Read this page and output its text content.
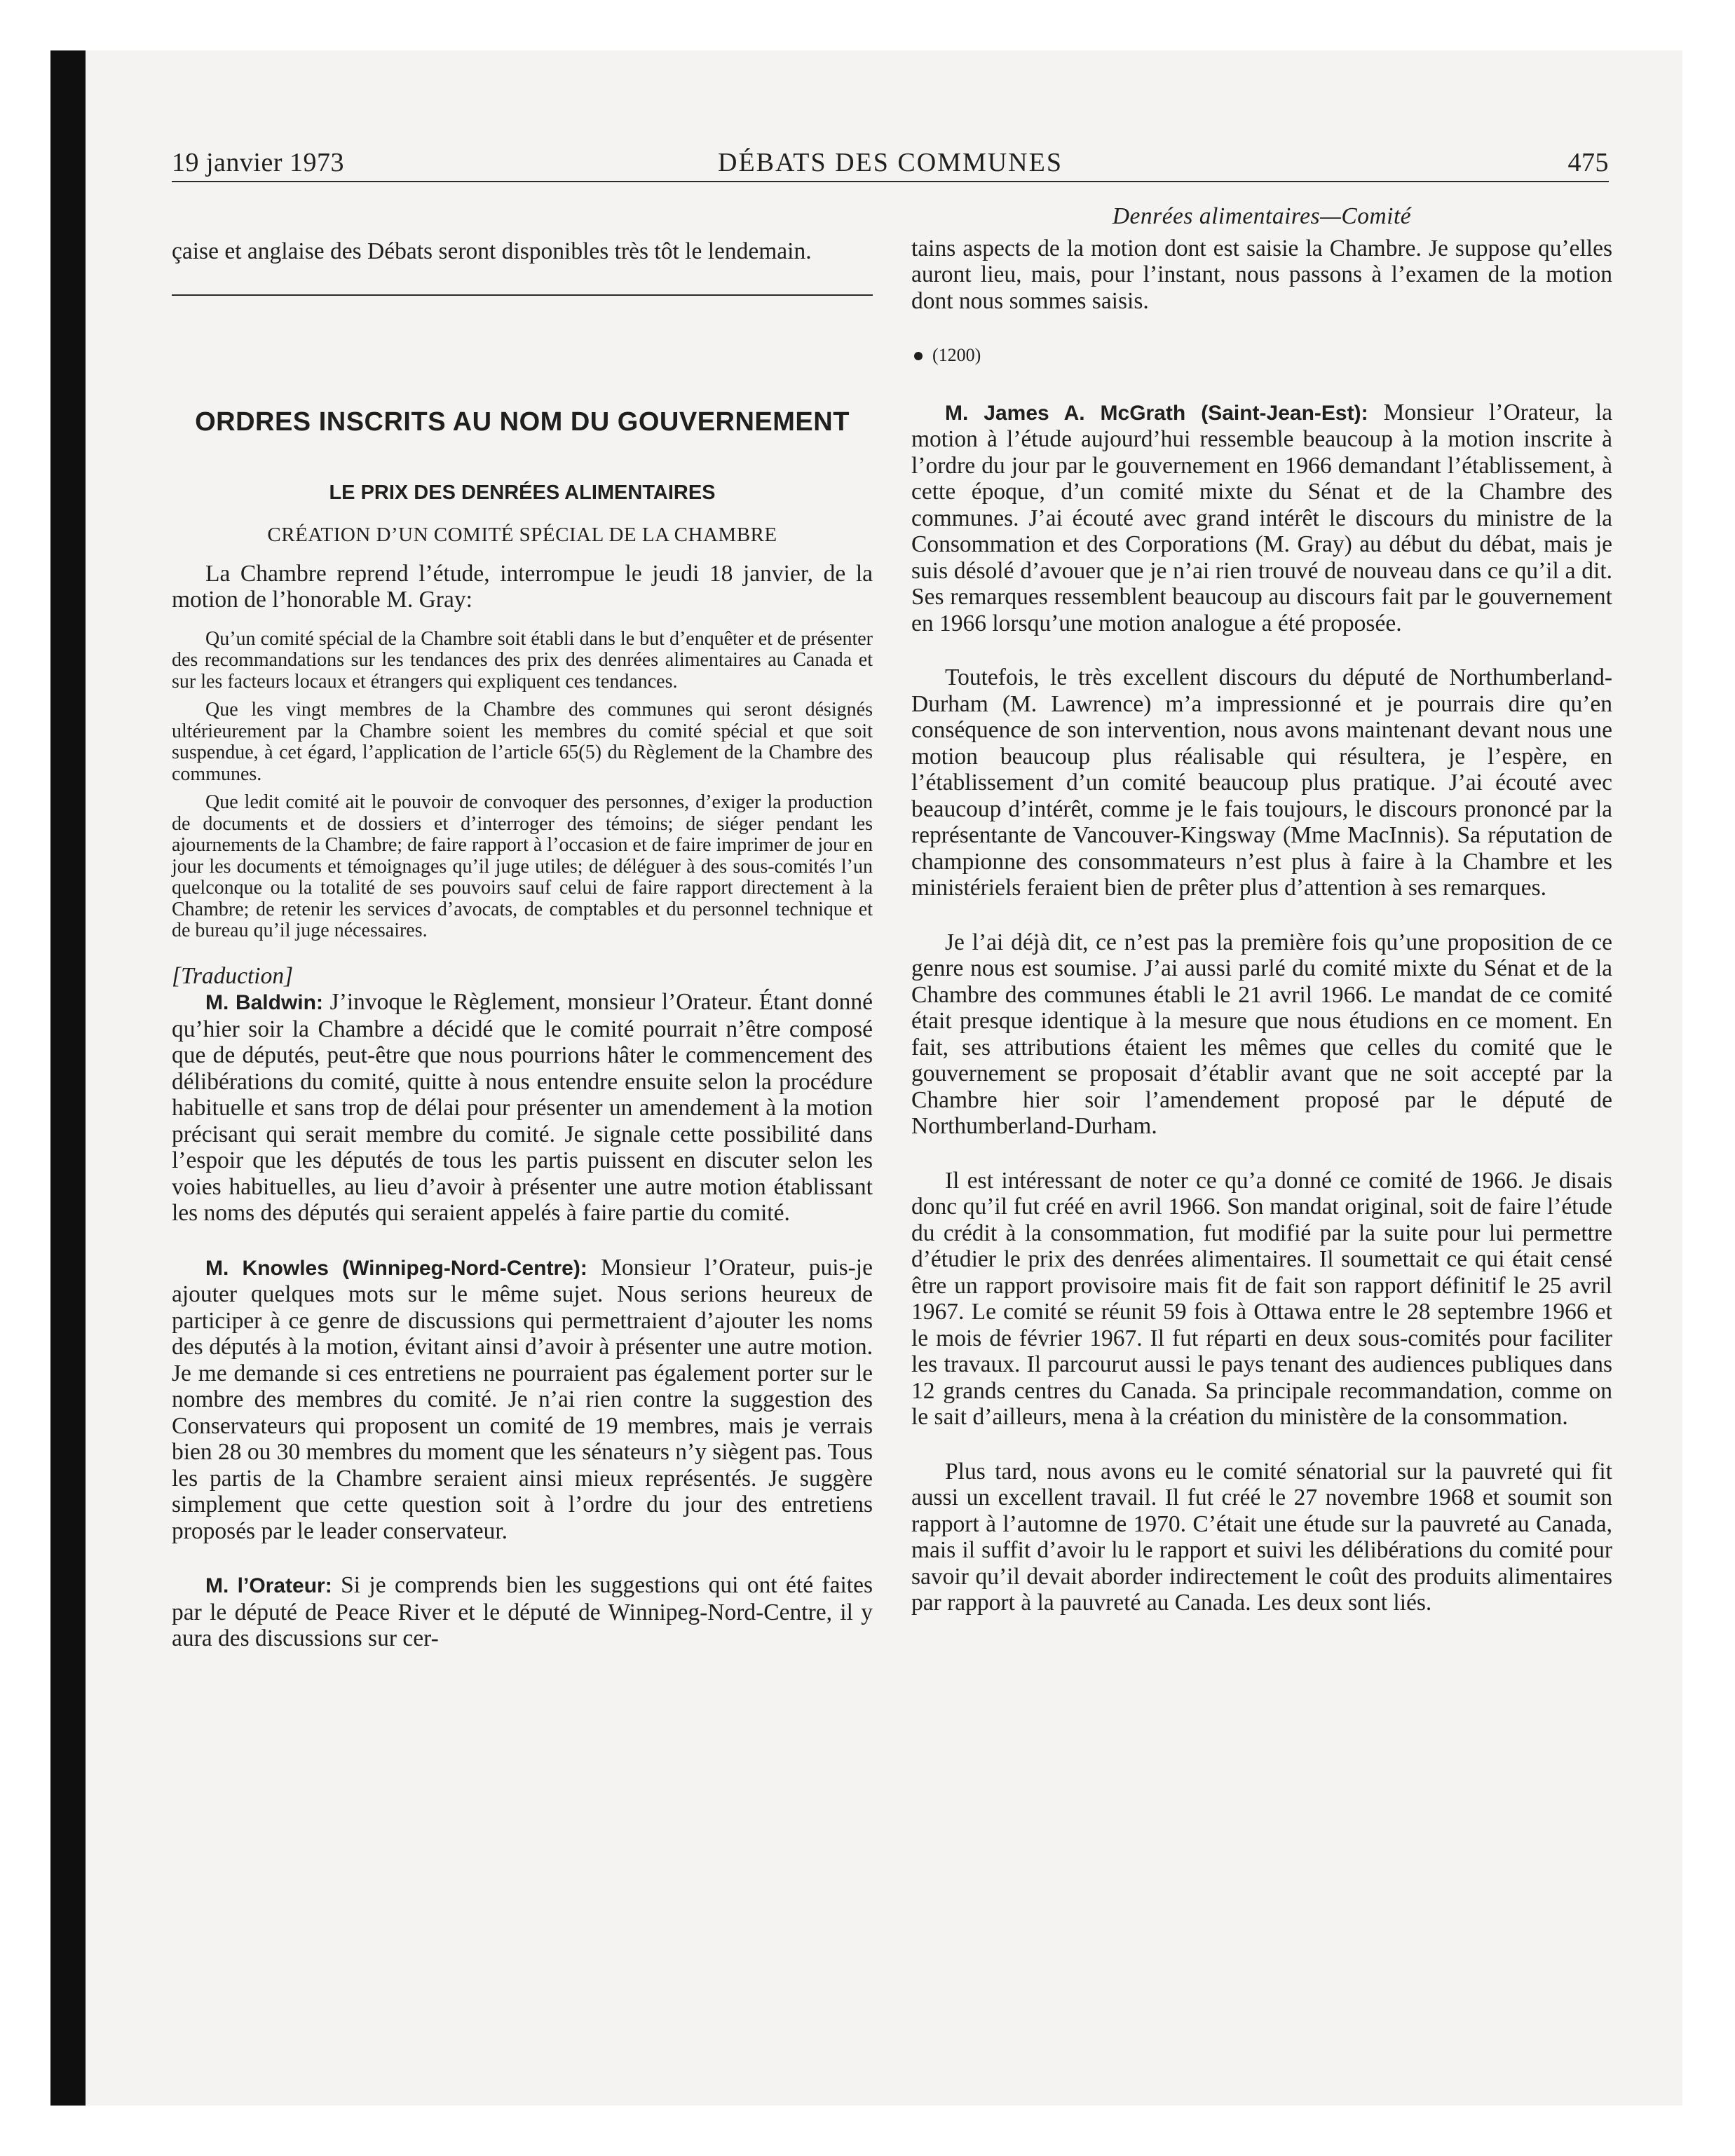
19 janvier 1973	DÉBATS DES COMMUNES	475

çaise et anglaise des Débats seront disponibles très tôt le lendemain.

ORDRES INSCRITS AU NOM DU GOUVERNEMENT
LE PRIX DES DENRÉES ALIMENTAIRES
CRÉATION D’UN COMITÉ SPÉCIAL DE LA CHAMBRE

La Chambre reprend l’étude, interrompue le jeudi 18 janvier, de la motion de l’honorable M. Gray:

Qu’un comité spécial de la Chambre soit établi dans le but d’enquêter et de présenter des recommandations sur les tendances des prix des denrées alimentaires au Canada et sur les facteurs locaux et étrangers qui expliquent ces tendances.

Que les vingt membres de la Chambre des communes qui seront désignés ultérieurement par la Chambre soient les membres du comité spécial et que soit suspendue, à cet égard, l’application de l’article 65(5) du Règlement de la Chambre des communes.

Que ledit comité ait le pouvoir de convoquer des personnes, d’exiger la production de documents et de dossiers et d’interroger des témoins; de siéger pendant les ajournements de la Chambre; de faire rapport à l’occasion et de faire imprimer de jour en jour les documents et témoignages qu’il juge utiles; de déléguer à des sous-comités l’un quelconque ou la totalité de ses pouvoirs sauf celui de faire rapport directement à la Chambre; de retenir les services d’avocats, de comptables et du personnel technique et de bureau qu’il juge nécessaires.

[Traduction]

M. Baldwin: J’invoque le Règlement, monsieur l’Orateur. Étant donné qu’hier soir la Chambre a décidé que le comité pourrait n’être composé que de députés, peut-être que nous pourrions hâter le commencement des délibérations du comité, quitte à nous entendre ensuite selon la procédure habituelle et sans trop de délai pour présenter un amendement à la motion précisant qui serait membre du comité. Je signale cette possibilité dans l’espoir que les députés de tous les partis puissent en discuter selon les voies habituelles, au lieu d’avoir à présenter une autre motion établissant les noms des députés qui seraient appelés à faire partie du comité.

M. Knowles (Winnipeg-Nord-Centre): Monsieur l’Orateur, puis-je ajouter quelques mots sur le même sujet. Nous serions heureux de participer à ce genre de discussions qui permettraient d’ajouter les noms des députés à la motion, évitant ainsi d’avoir à présenter une autre motion. Je me demande si ces entretiens ne pourraient pas également porter sur le nombre des membres du comité. Je n’ai rien contre la suggestion des Conservateurs qui proposent un comité de 19 membres, mais je verrais bien 28 ou 30 membres du moment que les sénateurs n’y siègent pas. Tous les partis de la Chambre seraient ainsi mieux représentés. Je suggère simplement que cette question soit à l’ordre du jour des entretiens proposés par le leader conservateur.

M. l’Orateur: Si je comprends bien les suggestions qui ont été faites par le député de Peace River et le député de Winnipeg-Nord-Centre, il y aura des discussions sur cer-

Denrées alimentaires—Comité

tains aspects de la motion dont est saisie la Chambre. Je suppose qu’elles auront lieu, mais, pour l’instant, nous passons à l’examen de la motion dont nous sommes saisis.

(1200)

M. James A. McGrath (Saint-Jean-Est): Monsieur l’Orateur, la motion à l’étude aujourd’hui ressemble beaucoup à la motion inscrite à l’ordre du jour par le gouvernement en 1966 demandant l’établissement, à cette époque, d’un comité mixte du Sénat et de la Chambre des communes. J’ai écouté avec grand intérêt le discours du ministre de la Consommation et des Corporations (M. Gray) au début du débat, mais je suis désolé d’avouer que je n’ai rien trouvé de nouveau dans ce qu’il a dit. Ses remarques ressemblent beaucoup au discours fait par le gouvernement en 1966 lorsqu’une motion analogue a été proposée.

Toutefois, le très excellent discours du député de Northumberland-Durham (M. Lawrence) m’a impressionné et je pourrais dire qu’en conséquence de son intervention, nous avons maintenant devant nous une motion beaucoup plus réalisable qui résultera, je l’espère, en l’établissement d’un comité beaucoup plus pratique. J’ai écouté avec beaucoup d’intérêt, comme je le fais toujours, le discours prononcé par la représentante de Vancouver-Kingsway (Mme MacInnis). Sa réputation de championne des consommateurs n’est plus à faire à la Chambre et les ministériels feraient bien de prêter plus d’attention à ses remarques.

Je l’ai déjà dit, ce n’est pas la première fois qu’une proposition de ce genre nous est soumise. J’ai aussi parlé du comité mixte du Sénat et de la Chambre des communes établi le 21 avril 1966. Le mandat de ce comité était presque identique à la mesure que nous étudions en ce moment. En fait, ses attributions étaient les mêmes que celles du comité que le gouvernement se proposait d’établir avant que ne soit accepté par la Chambre hier soir l’amendement proposé par le député de Northumberland-Durham.

Il est intéressant de noter ce qu’a donné ce comité de 1966. Je disais donc qu’il fut créé en avril 1966. Son mandat original, soit de faire l’étude du crédit à la consommation, fut modifié par la suite pour lui permettre d’étudier le prix des denrées alimentaires. Il soumettait ce qui était censé être un rapport provisoire mais fit de fait son rapport définitif le 25 avril 1967. Le comité se réunit 59 fois à Ottawa entre le 28 septembre 1966 et le mois de février 1967. Il fut réparti en deux sous-comités pour faciliter les travaux. Il parcourut aussi le pays tenant des audiences publiques dans 12 grands centres du Canada. Sa principale recommandation, comme on le sait d’ailleurs, mena à la création du ministère de la consommation.

Plus tard, nous avons eu le comité sénatorial sur la pauvreté qui fit aussi un excellent travail. Il fut créé le 27 novembre 1968 et soumit son rapport à l’automne de 1970. C’était une étude sur la pauvreté au Canada, mais il suffit d’avoir lu le rapport et suivi les délibérations du comité pour savoir qu’il devait aborder indirectement le coût des produits alimentaires par rapport à la pauvreté au Canada. Les deux sont liés.
